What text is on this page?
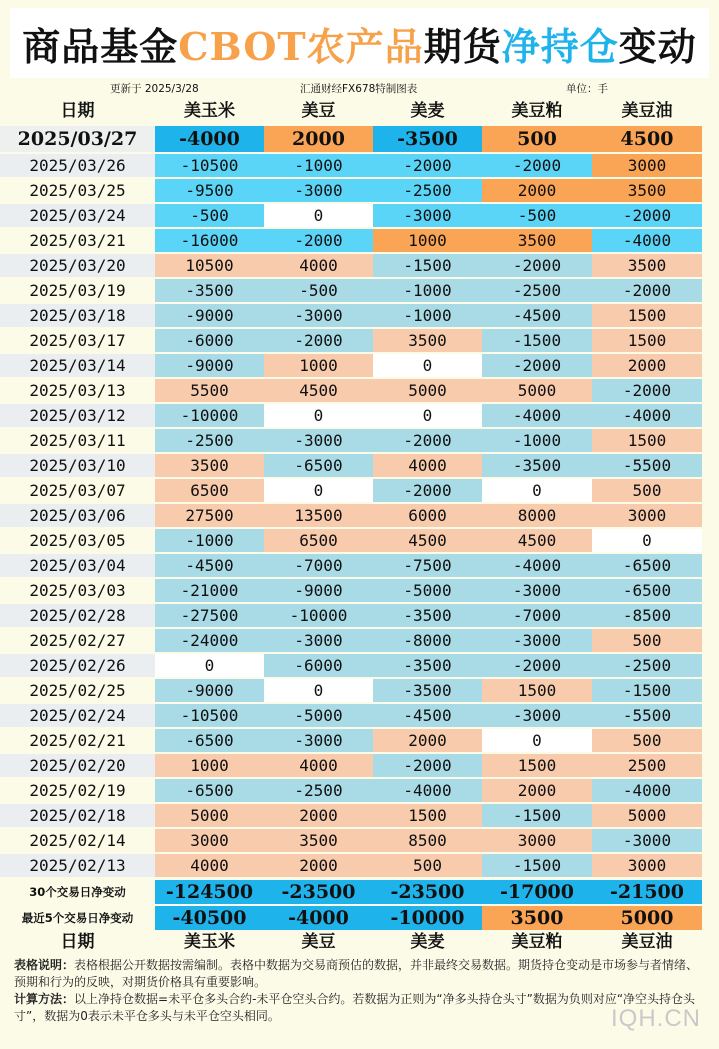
商品基金 CBOT农产品 期货 净持仓 变动
更新于 2025/3/28	汇通财经FX678特制图表	单位：手
日期	美玉米	美豆	美麦	美豆粕	美豆油
2025/03/27	-4000	2000	-3500	500	4500
2025/03/26	-10500	-1000	-2000	-2000	3000
2025/03/25	-9500	-3000	-2500	2000	3500
2025/03/24	-500	0	-3000	-500	-2000
2025/03/21	-16000	-2000	1000	3500	-4000
2025/03/20	10500	4000	-1500	-2000	3500
2025/03/19	-3500	-500	-1000	-2500	-2000
2025/03/18	-9000	-3000	-1000	-4500	1500
2025/03/17	-6000	-2000	3500	-1500	1500
2025/03/14	-9000	1000	0	-2000	2000
2025/03/13	5500	4500	5000	5000	-2000
2025/03/12	-10000	0	0	-4000	-4000
2025/03/11	-2500	-3000	-2000	-1000	1500
2025/03/10	3500	-6500	4000	-3500	-5500
2025/03/07	6500	0	-2000	0	500
2025/03/06	27500	13500	6000	8000	3000
2025/03/05	-1000	6500	4500	4500	0
2025/03/04	-4500	-7000	-7500	-4000	-6500
2025/03/03	-21000	-9000	-5000	-3000	-6500
2025/02/28	-27500	-10000	-3500	-7000	-8500
2025/02/27	-24000	-3000	-8000	-3000	500
2025/02/26	0	-6000	-3500	-2000	-2500
2025/02/25	-9000	0	-3500	1500	-1500
2025/02/24	-10500	-5000	-4500	-3000	-5500
2025/02/21	-6500	-3000	2000	0	500
2025/02/20	1000	4000	-2000	1500	2500
2025/02/19	-6500	-2500	-4000	2000	-4000
2025/02/18	5000	2000	1500	-1500	5000
2025/02/14	3000	3500	8500	3000	-3000
2025/02/13	4000	2000	500	-1500	3000
30个交易日净变动	-124500	-23500	-23500	-17000	-21500
最近5个交易日净变动	-40500	-4000	-10000	3500	5000
日期	美玉米	美豆	美麦	美豆粕	美豆油
表格说明：表格根据公开数据按需编制。表格中数据为交易商预估的数据，并非最终交易数据。期货持仓变动是市场参与者情绪、预期和行为的反映，对期货价格具有重要影响。
计算方法：以上净持仓数据=未平仓多头合约-未平仓空头合约。若数据为正则为“净多头持仓头寸”数据为负则对应“净空头持仓头寸”，数据为0表示未平仓多头与未平仓空头相同。	IQH.CN
